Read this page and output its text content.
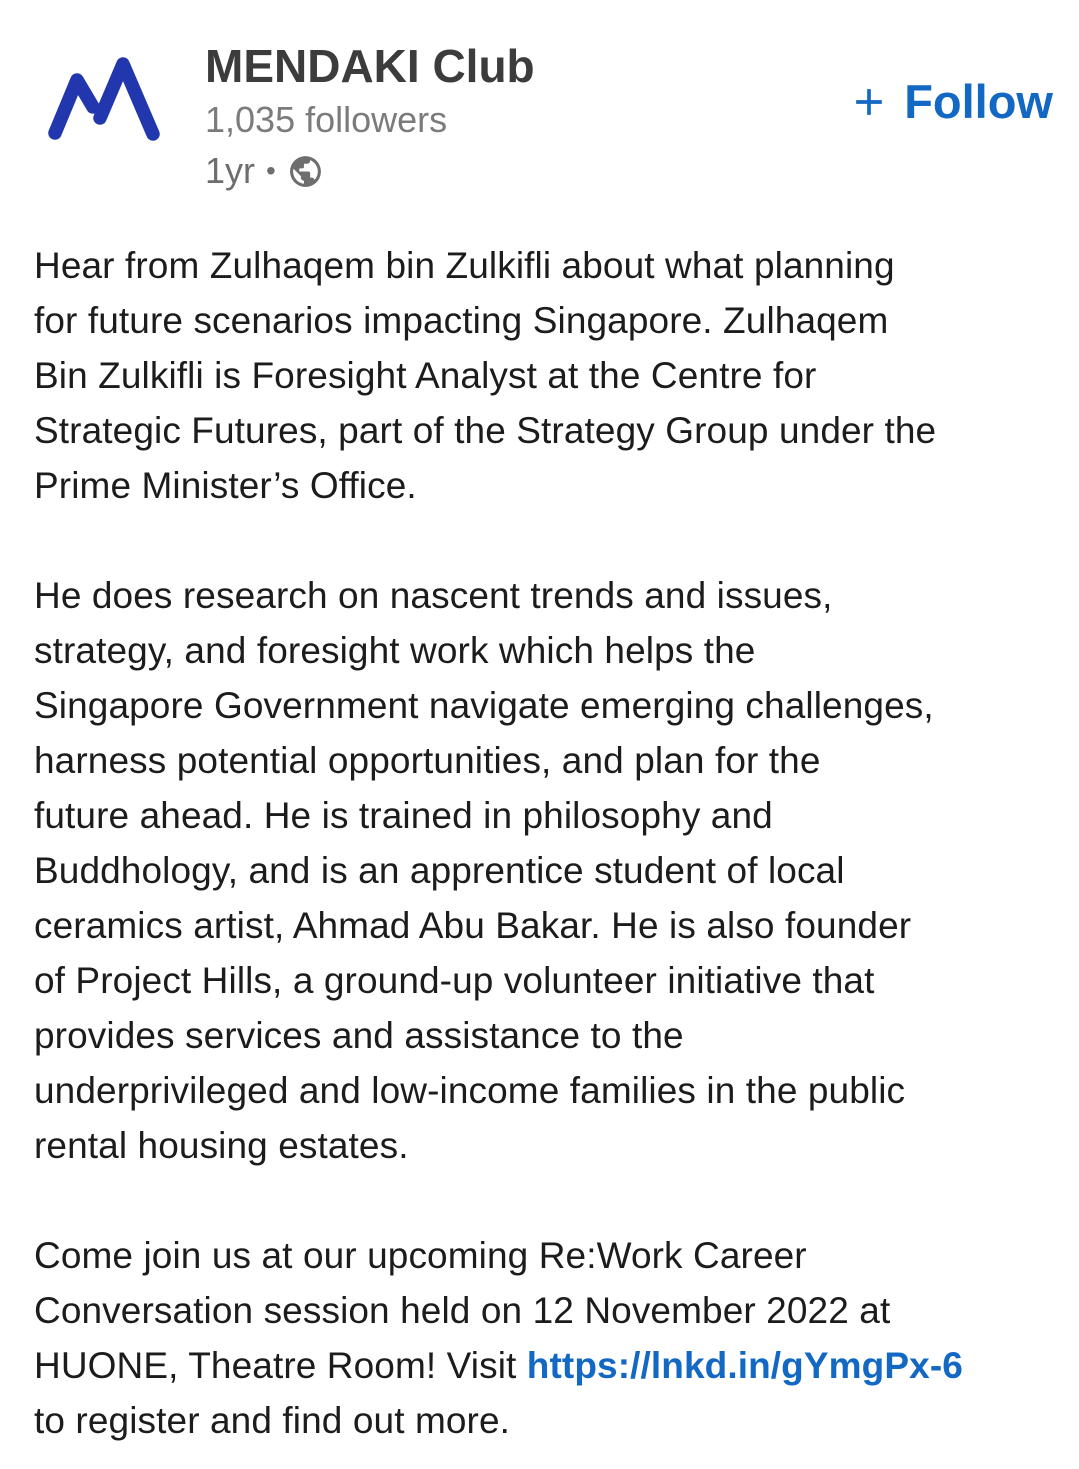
MENDAKI Club
1,035 followers
1yr •
Follow

Hear from Zulhaqem bin Zulkifli about what planning
for future scenarios impacting Singapore. Zulhaqem
Bin Zulkifli is Foresight Analyst at the Centre for
Strategic Futures, part of the Strategy Group under the
Prime Minister’s Office.

He does research on nascent trends and issues,
strategy, and foresight work which helps the
Singapore Government navigate emerging challenges,
harness potential opportunities, and plan for the
future ahead. He is trained in philosophy and
Buddhology, and is an apprentice student of local
ceramics artist, Ahmad Abu Bakar. He is also founder
of Project Hills, a ground-up volunteer initiative that
provides services and assistance to the
underprivileged and low-income families in the public
rental housing estates.

Come join us at our upcoming Re:Work Career
Conversation session held on 12 November 2022 at
HUONE, Theatre Room! Visit https://lnkd.in/gYmgPx-6
to register and find out more.
